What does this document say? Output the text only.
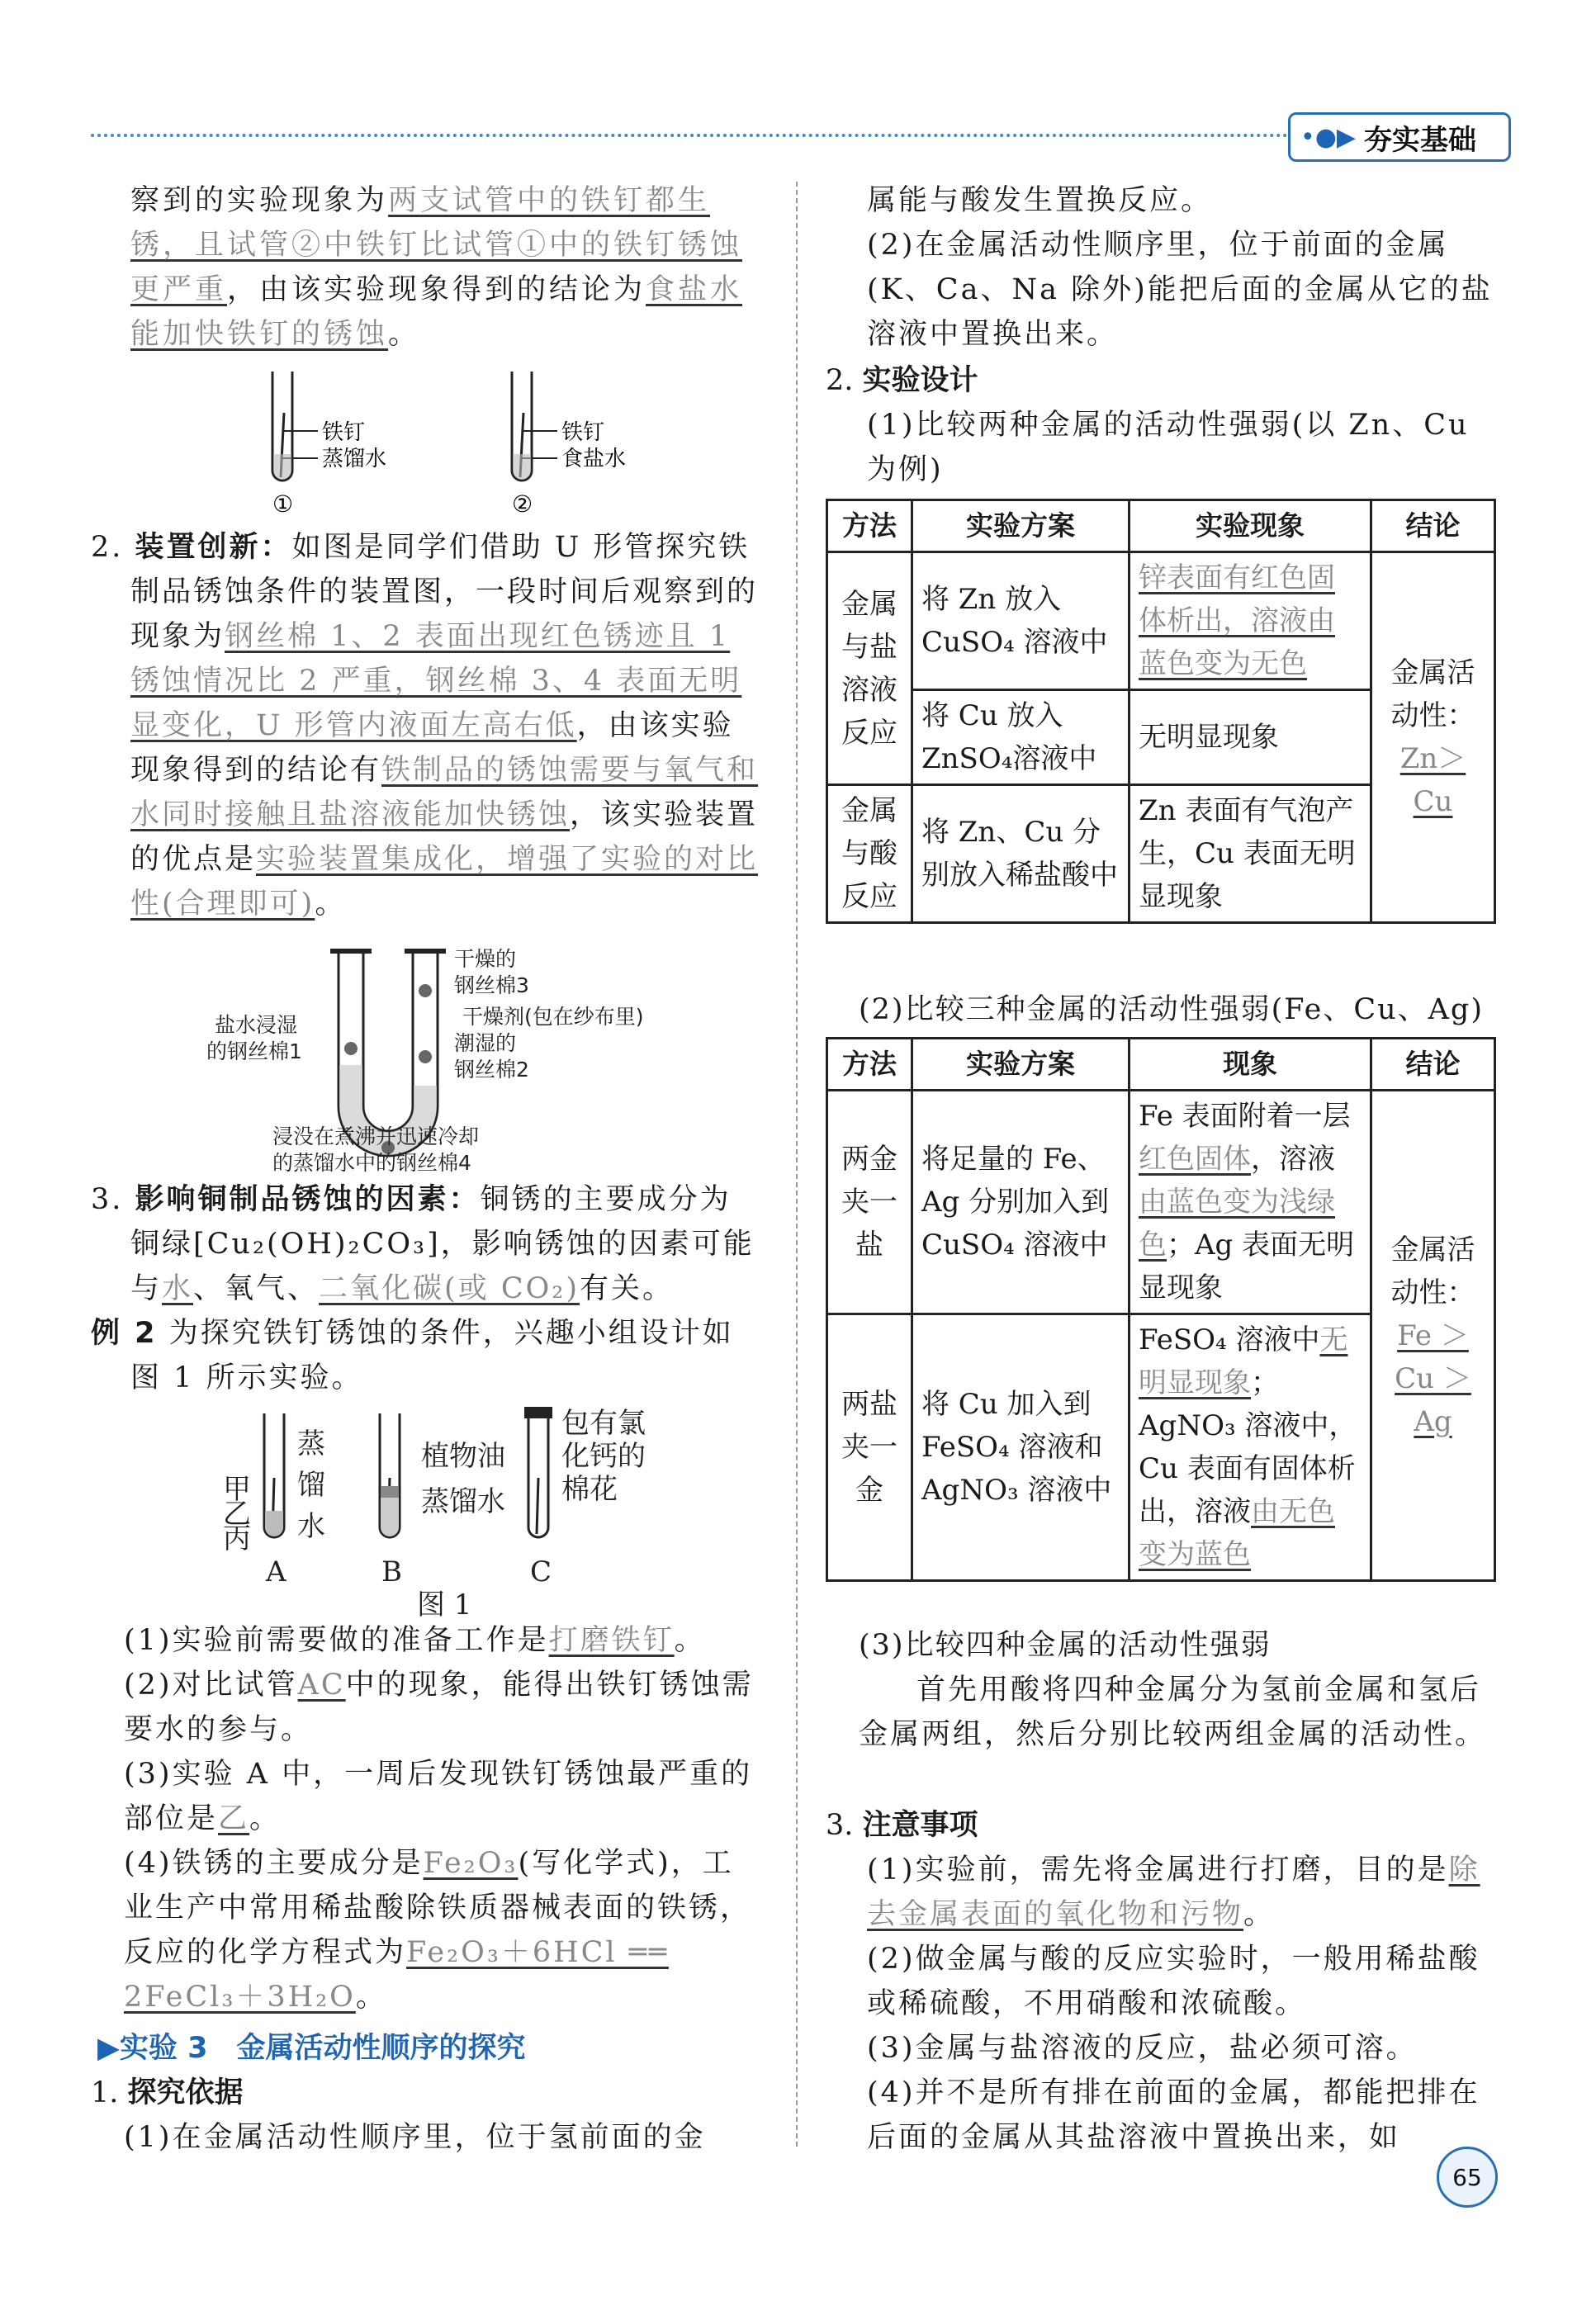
•●▶ 夯实基础

察到的实验现象为两支试管中的铁钉都生锈，且试管②中铁钉比试管①中的铁钉锈蚀更严重，由该实验现象得到的结论为食盐水能加快铁钉的锈蚀。

铁钉
蒸馏水
铁钉
食盐水
①	②

2. 装置创新：如图是同学们借助 U 形管探究铁制品锈蚀条件的装置图，一段时间后观察到的现象为钢丝棉 1、2 表面出现红色锈迹且 1 锈蚀情况比 2 严重，钢丝棉 3、4 表面无明显变化，U 形管内液面左高右低，由该实验现象得到的结论有铁制品的锈蚀需要与氧气和水同时接触且盐溶液能加快锈蚀，该实验装置的优点是实验装置集成化，增强了实验的对比性(合理即可)。

干燥的
钢丝棉3
干燥剂(包在纱布里)
潮湿的
钢丝棉2
盐水浸湿
的钢丝棉1
浸没在煮沸并迅速冷却
的蒸馏水中的钢丝棉4

3. 影响铜制品锈蚀的因素：铜锈的主要成分为铜绿[Cu₂(OH)₂CO₃]，影响锈蚀的因素可能与水、氧气、二氧化碳(或 CO₂)有关。

例 2 为探究铁钉锈蚀的条件，兴趣小组设计如图 1 所示实验。

甲
乙
丙
蒸
馏
水
植物油
蒸馏水
包有氯
化钙的
棉花
A	B	C
图 1

(1)实验前需要做的准备工作是打磨铁钉。

(2)对比试管AC中的现象，能得出铁钉锈蚀需要水的参与。

(3)实验 A 中，一周后发现铁钉锈蚀最严重的部位是乙。

(4)铁锈的主要成分是Fe₂O₃(写化学式)，工业生产中常用稀盐酸除铁质器械表面的铁锈，反应的化学方程式为Fe₂O₃＋6HCl ══ 2FeCl₃＋3H₂O。

▶实验 3　金属活动性顺序的探究

1. 探究依据

(1)在金属活动性顺序里，位于氢前面的金

属能与酸发生置换反应。

(2)在金属活动性顺序里，位于前面的金属(K、Ca、Na 除外)能把后面的金属从它的盐溶液中置换出来。

2. 实验设计

(1)比较两种金属的活动性强弱(以 Zn、Cu 为例)

方法	实验方案	实验现象	结论
金属与盐溶液反应	将 Zn 放入 CuSO₄ 溶液中	锌表面有红色固体析出，溶液由蓝色变为无色	金属活动性：
Zn＞Cu
	将 Cu 放入 ZnSO₄溶液中	无明显现象	
金属与酸反应	将 Zn、Cu 分别放入稀盐酸中	Zn 表面有气泡产生，Cu 表面无明显现象	

(2)比较三种金属的活动性强弱(Fe、Cu、Ag)

方法	实验方案	现象	结论
两金夹一盐	将足量的 Fe、Ag 分别加入到 CuSO₄ 溶液中	Fe 表面附着一层红色固体，溶液由蓝色变为浅绿色；Ag 表面无明显现象	金属活动性：
Fe ＞ Cu ＞ Ag
两盐夹一金	将 Cu 加入到 FeSO₄ 溶液和 AgNO₃ 溶液中	FeSO₄ 溶液中无明显现象；AgNO₃ 溶液中，Cu 表面有固体析出，溶液由无色变为蓝色	

(3)比较四种金属的活动性强弱

首先用酸将四种金属分为氢前金属和氢后金属两组，然后分别比较两组金属的活动性。

3. 注意事项

(1)实验前，需先将金属进行打磨，目的是除去金属表面的氧化物和污物。

(2)做金属与酸的反应实验时，一般用稀盐酸或稀硫酸，不用硝酸和浓硫酸。

(3)金属与盐溶液的反应，盐必须可溶。

(4)并不是所有排在前面的金属，都能把排在后面的金属从其盐溶液中置换出来，如

65
